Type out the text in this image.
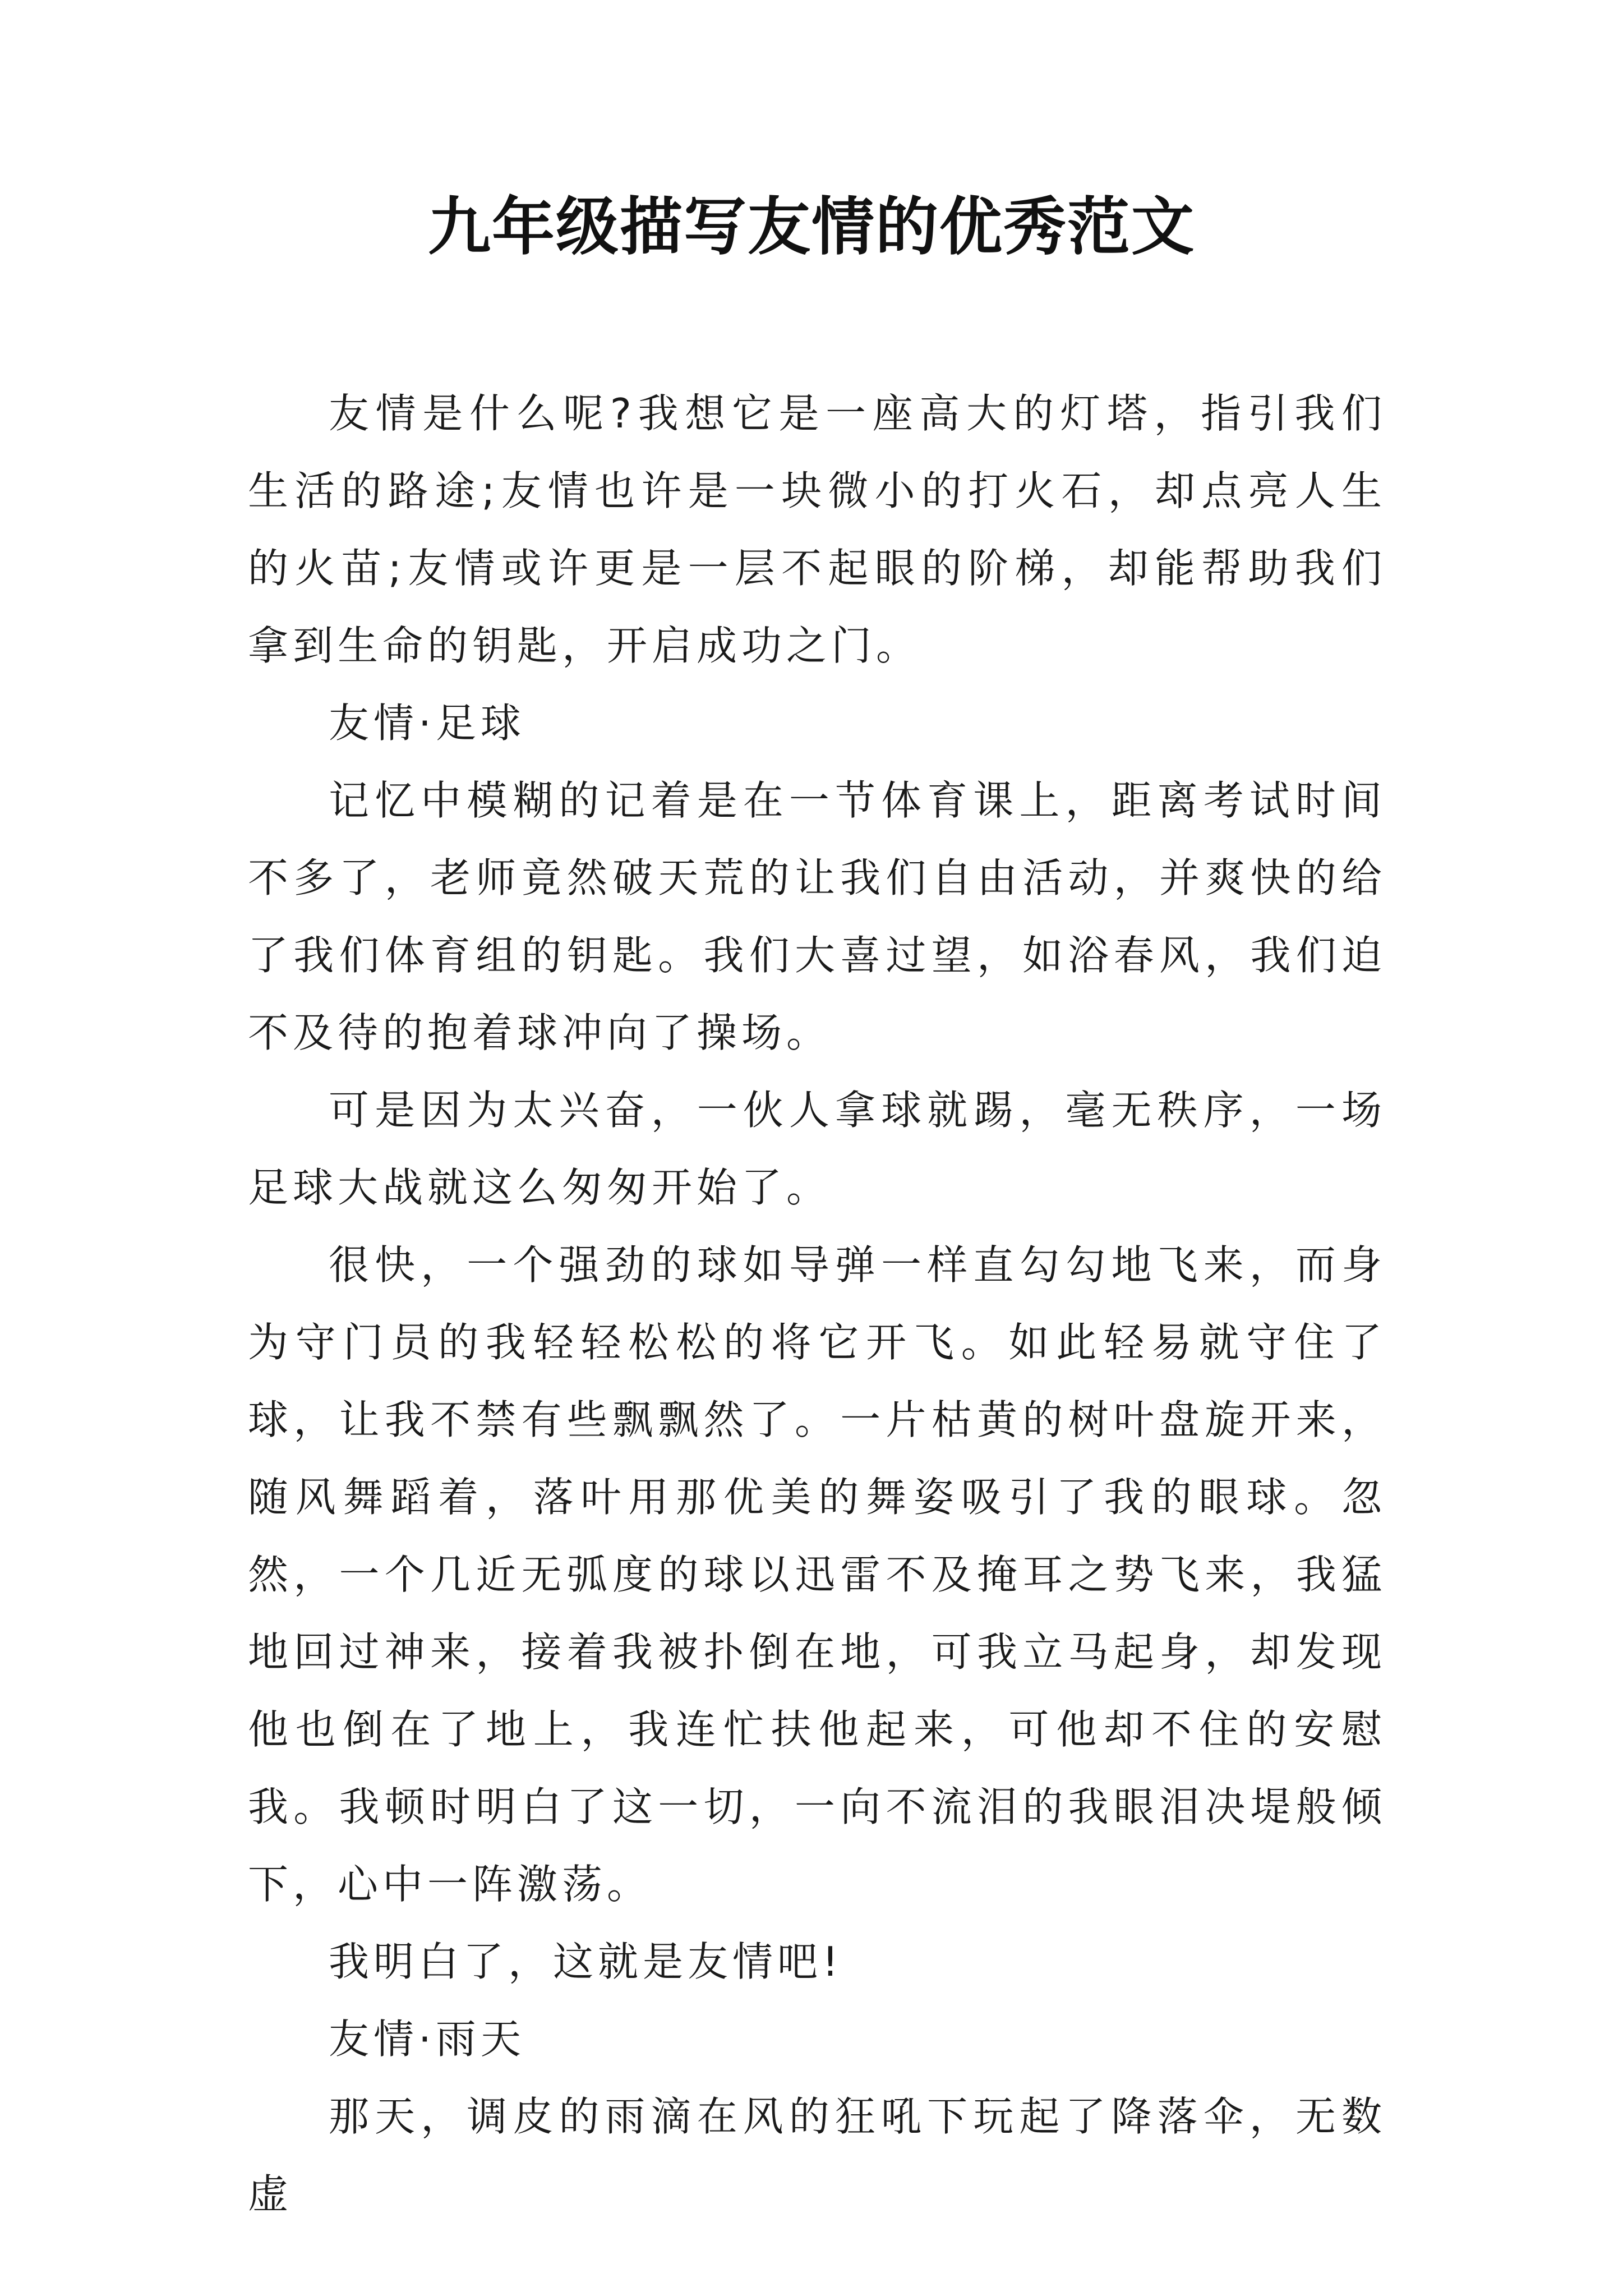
九年级描写友情的优秀范文

友情是什么呢?我想它是一座高大的灯塔，指引我们生活的路途;友情也许是一块微小的打火石，却点亮人生的火苗;友情或许更是一层不起眼的阶梯，却能帮助我们拿到生命的钥匙，开启成功之门。

友情·足球

记忆中模糊的记着是在一节体育课上，距离考试时间不多了，老师竟然破天荒的让我们自由活动，并爽快的给了我们体育组的钥匙。我们大喜过望，如浴春风，我们迫不及待的抱着球冲向了操场。

可是因为太兴奋，一伙人拿球就踢，毫无秩序，一场足球大战就这么匆匆开始了。

很快，一个强劲的球如导弹一样直勾勾地飞来，而身为守门员的我轻轻松松的将它开飞。如此轻易就守住了球，让我不禁有些飘飘然了。一片枯黄的树叶盘旋开来，随风舞蹈着，落叶用那优美的舞姿吸引了我的眼球。忽然，一个几近无弧度的球以迅雷不及掩耳之势飞来，我猛地回过神来，接着我被扑倒在地，可我立马起身，却发现他也倒在了地上，我连忙扶他起来，可他却不住的安慰我。我顿时明白了这一切，一向不流泪的我眼泪决堤般倾下，心中一阵激荡。

我明白了，这就是友情吧!

友情·雨天

那天，调皮的雨滴在风的狂吼下玩起了降落伞，无数虚
